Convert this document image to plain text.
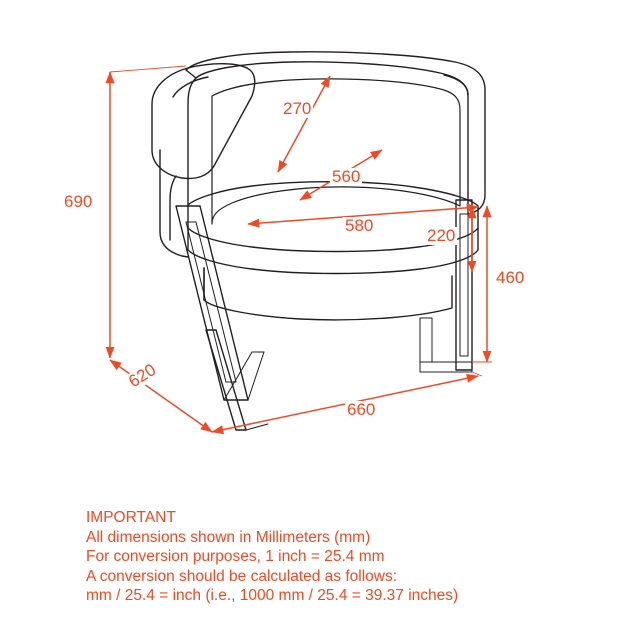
690
270
560
580
220
460
620
660
IMPORTANT
All dimensions shown in Millimeters (mm)
For conversion purposes, 1 inch = 25.4 mm
A conversion should be calculated as follows:
mm / 25.4 = inch (i.e., 1000 mm / 25.4 = 39.37 inches)
